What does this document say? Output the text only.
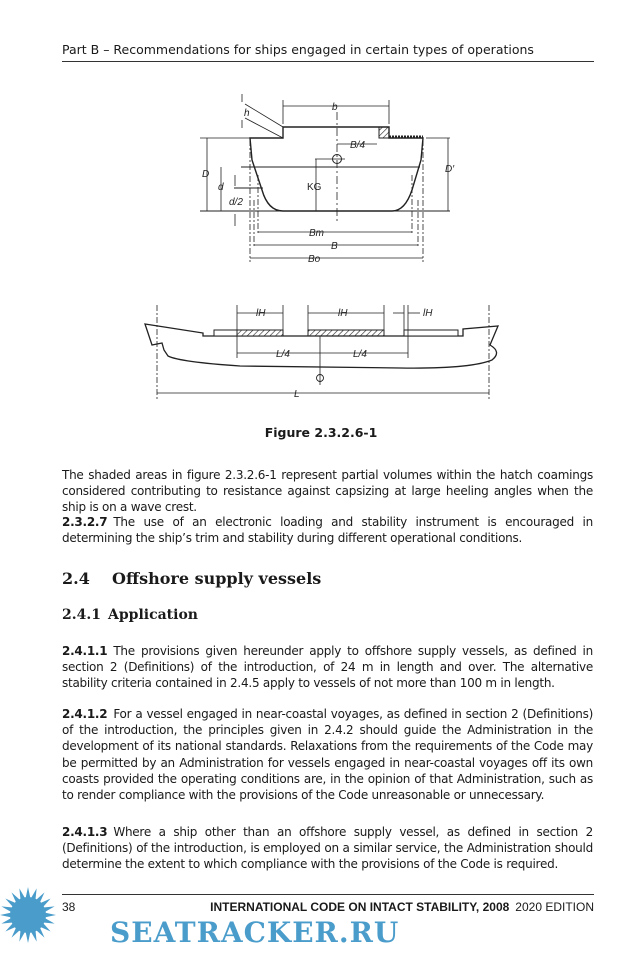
Part B – Recommendations for ships engaged in certain types of operations
h
b
B/4
D	D′
d
d/2
KG
Bm
B
Bo
lH	lH	lH
L/4	L/4
L
Figure 2.3.2.6-1
The shaded areas in figure 2.3.2.6-1 represent partial volumes within the hatch coamings considered contributing to resistance against capsizing at large heeling angles when the ship is on a wave crest.
2.3.2.7 The use of an electronic loading and stability instrument is encouraged in determining the ship’s trim and stability during different operational conditions.
2.4 Offshore supply vessels
2.4.1 Application
2.4.1.1 The provisions given hereunder apply to offshore supply vessels, as defined in section 2 (Definitions) of the introduction, of 24 m in length and over. The alternative stability criteria contained in 2.4.5 apply to vessels of not more than 100 m in length.
2.4.1.2 For a vessel engaged in near-coastal voyages, as defined in section 2 (Definitions) of the introduction, the principles given in 2.4.2 should guide the Administration in the development of its national standards. Relaxations from the requirements of the Code may be permitted by an Administration for vessels engaged in near-coastal voyages off its own coasts provided the operating conditions are, in the opinion of that Administration, such as to render compliance with the provisions of the Code unreasonable or unnecessary.
2.4.1.3 Where a ship other than an offshore supply vessel, as defined in section 2 (Definitions) of the introduction, is employed on a similar service, the Administration should determine the extent to which compliance with the provisions of the Code is required.
38	INTERNATIONAL CODE ON INTACT STABILITY, 2008 2020 EDITION
SEATRACKER.RU
